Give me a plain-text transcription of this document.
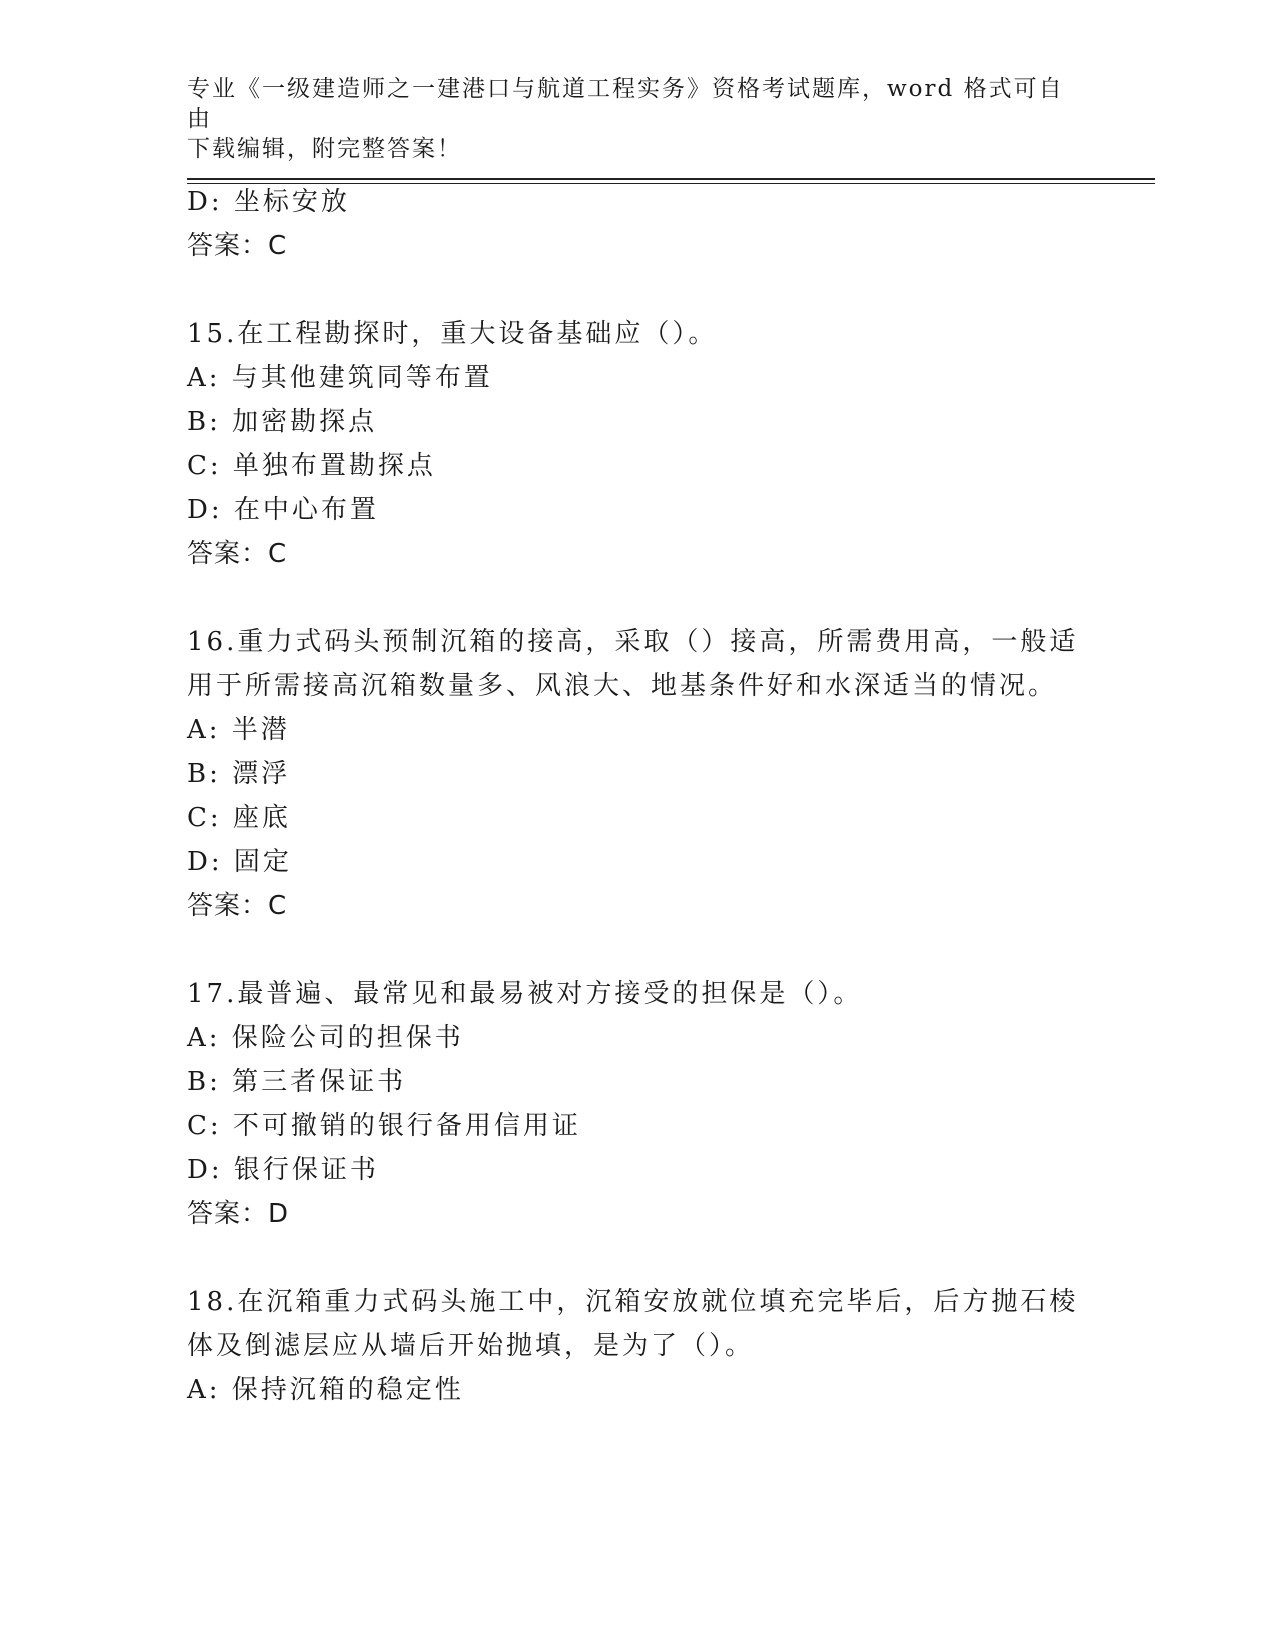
专业《一级建造师之一建港口与航道工程实务》资格考试题库，word 格式可自由
下载编辑，附完整答案！
D: 坐标安放
答案：C
15.在工程勘探时，重大设备基础应（）。
A: 与其他建筑同等布置
B: 加密勘探点
C: 单独布置勘探点
D: 在中心布置
答案：C
16.重力式码头预制沉箱的接高，采取（）接高，所需费用高，一般适
用于所需接高沉箱数量多、风浪大、地基条件好和水深适当的情况。
A: 半潜
B: 漂浮
C: 座底
D: 固定
答案：C
17.最普遍、最常见和最易被对方接受的担保是（）。
A: 保险公司的担保书
B: 第三者保证书
C: 不可撤销的银行备用信用证
D: 银行保证书
答案：D
18.在沉箱重力式码头施工中，沉箱安放就位填充完毕后，后方抛石棱
体及倒滤层应从墙后开始抛填，是为了（）。
A: 保持沉箱的稳定性
